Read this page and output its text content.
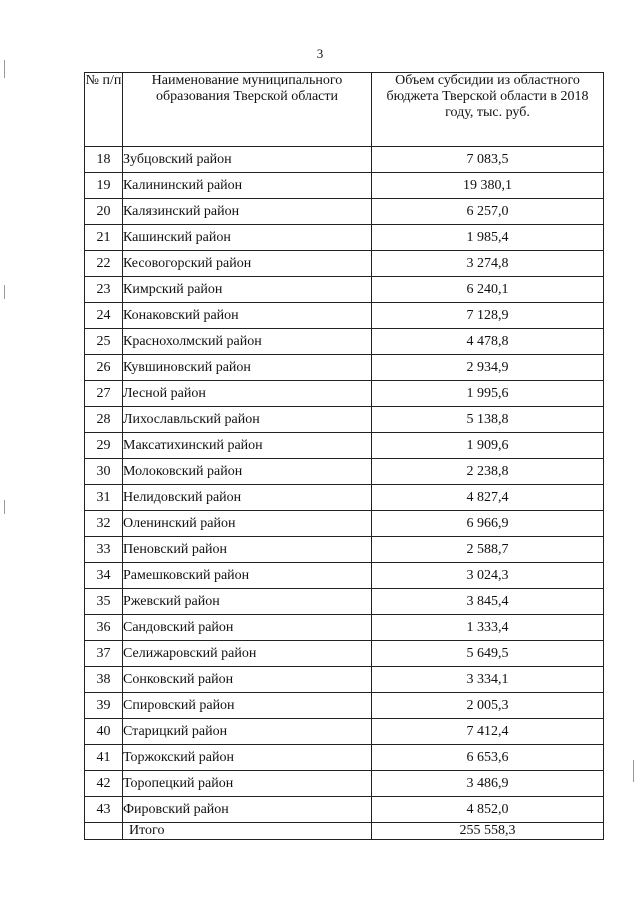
3
№ п/п	Наименование муниципального образования Тверской области	Объем субсидии из областного бюджета Тверской области в 2018 году, тыс. руб.
18	Зубцовский район	7 083,5
19	Калининский район	19 380,1
20	Калязинский район	6 257,0
21	Кашинский район	1 985,4
22	Кесовогорский район	3 274,8
23	Кимрский район	6 240,1
24	Конаковский район	7 128,9
25	Краснохолмский район	4 478,8
26	Кувшиновский район	2 934,9
27	Лесной район	1 995,6
28	Лихославльский район	5 138,8
29	Максатихинский район	1 909,6
30	Молоковский район	2 238,8
31	Нелидовский район	4 827,4
32	Оленинский район	6 966,9
33	Пеновский район	2 588,7
34	Рамешковский район	3 024,3
35	Ржевский район	3 845,4
36	Сандовский район	1 333,4
37	Селижаровский район	5 649,5
38	Сонковский район	3 334,1
39	Спировский район	2 005,3
40	Старицкий район	7 412,4
41	Торжокский район	6 653,6
42	Торопецкий район	3 486,9
43	Фировский район	4 852,0
	Итого	255 558,3
